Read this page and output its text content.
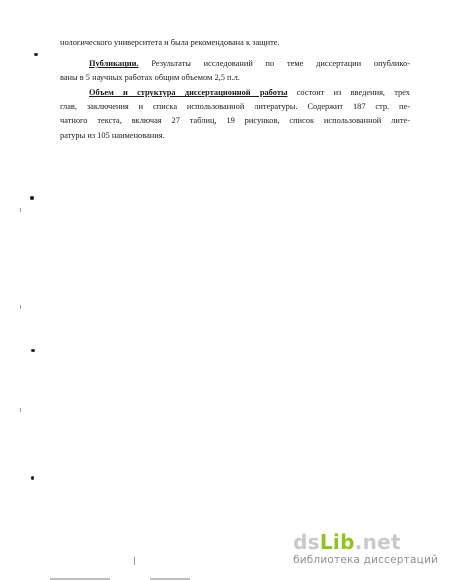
нологического университета и была рекомендована к защите.
Публикации. Результаты исследований по теме диссертации опублико-
ваны в 5 научных работах общим объемом 2,5 п.л.
Объем и структура диссертационной работы состоит из введения, трех
глав, заключения и списка использованной литературы. Содержит 187 стр. пе-
чатного текста, включая 27 таблиц, 19 рисунков, список использованной лите-
ратуры из 105 наименования.
dsLib.net
библиотека диссертаций
